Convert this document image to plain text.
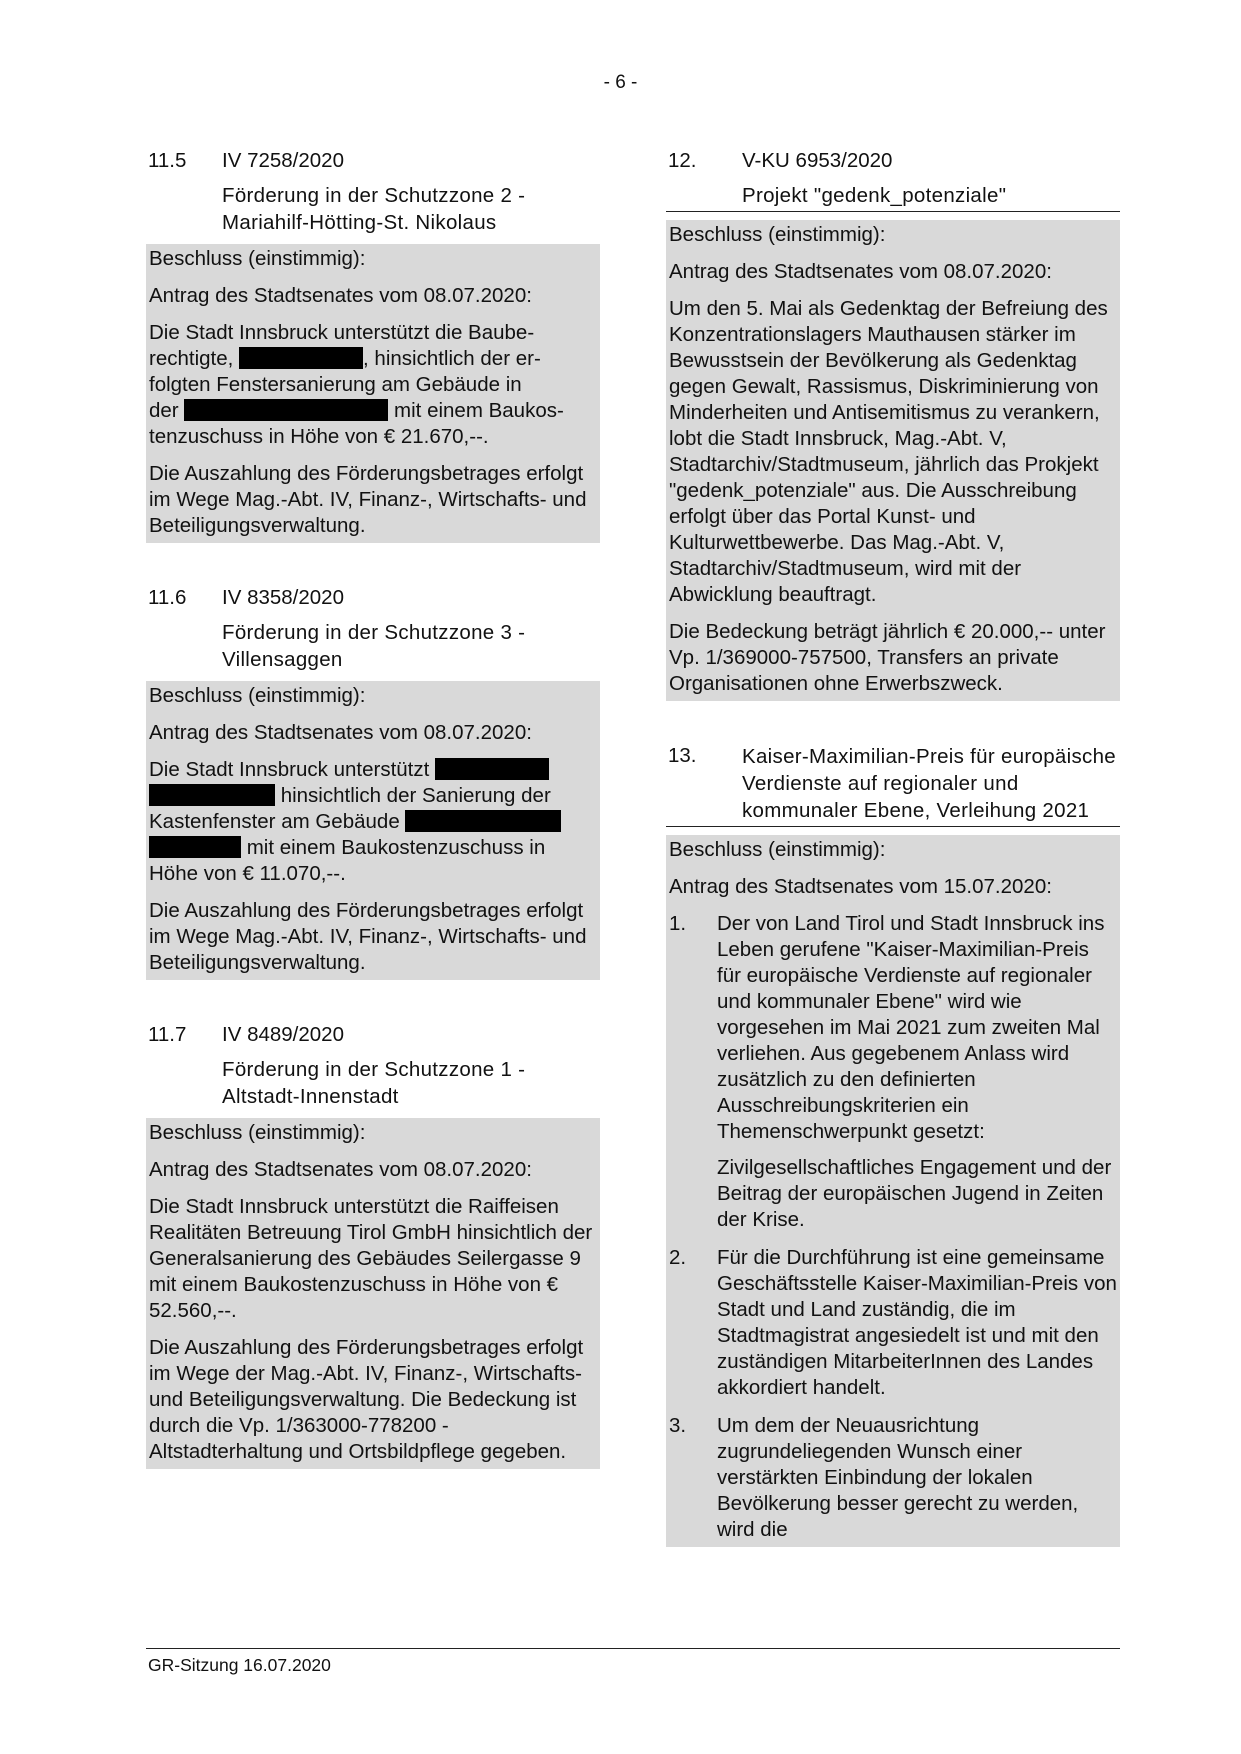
- 6 -
11.5	IV 7258/2020
Förderung in der Schutzzone 2 -
Mariahilf-Hötting-St. Nikolaus

Beschluss (einstimmig):

Antrag des Stadtsenates vom 08.07.2020:

Die Stadt Innsbruck unterstützt die Baube-
rechtigte,	, hinsichtlich der er-
folgten Fenstersanierung am Gebäude in
der	mit einem Baukos-
tenzuschuss in Höhe von € 21.670,--.

Die Auszahlung des Förderungsbetrages erfolgt im Wege Mag.-Abt. IV, Finanz-, Wirtschafts- und Beteiligungsverwaltung.

11.6	IV 8358/2020
Förderung in der Schutzzone 3 -
Villensaggen

Beschluss (einstimmig):

Antrag des Stadtsenates vom 08.07.2020:

Die Stadt Innsbruck unterstützt
hinsichtlich der Sanierung der
Kastenfenster am Gebäude
mit einem Baukostenzuschuss in
Höhe von € 11.070,--.

Die Auszahlung des Förderungsbetrages erfolgt im Wege Mag.-Abt. IV, Finanz-, Wirtschafts- und Beteiligungsverwaltung.

11.7	IV 8489/2020
Förderung in der Schutzzone 1 -
Altstadt-Innenstadt

Beschluss (einstimmig):

Antrag des Stadtsenates vom 08.07.2020:

Die Stadt Innsbruck unterstützt die Raiffeisen Realitäten Betreuung Tirol GmbH hinsichtlich der Generalsanierung des Gebäudes Seilergasse 9 mit einem Baukostenzuschuss in Höhe von € 52.560,--.

Die Auszahlung des Förderungsbetrages erfolgt im Wege der Mag.-Abt. IV, Finanz-, Wirtschafts- und Beteiligungsverwaltung. Die Bedeckung ist durch die Vp. 1/363000-778200 - Altstadterhaltung und Ortsbildpflege gegeben.

12.	V-KU 6953/2020
Projekt "gedenk_potenziale"

Beschluss (einstimmig):

Antrag des Stadtsenates vom 08.07.2020:

Um den 5. Mai als Gedenktag der Befreiung des Konzentrationslagers Mauthausen stärker im Bewusstsein der Bevölkerung als Gedenktag gegen Gewalt, Rassismus, Diskriminierung von Minderheiten und Antisemitismus zu verankern, lobt die Stadt Innsbruck, Mag.-Abt. V, Stadtarchiv/Stadtmuseum, jährlich das Prokjekt "gedenk_potenziale" aus. Die Ausschreibung erfolgt über das Portal Kunst- und Kulturwettbewerbe. Das Mag.-Abt. V, Stadtarchiv/Stadtmuseum, wird mit der Abwicklung beauftragt.

Die Bedeckung beträgt jährlich € 20.000,-- unter Vp. 1/369000-757500, Transfers an private Organisationen ohne Erwerbszweck.

13.	Kaiser-Maximilian-Preis für europäische Verdienste auf regionaler und kommunaler Ebene, Verleihung 2021

Beschluss (einstimmig):

Antrag des Stadtsenates vom 15.07.2020:

1.	Der von Land Tirol und Stadt Innsbruck ins Leben gerufene "Kaiser-Maximilian-Preis für europäische Verdienste auf regionaler und kommunaler Ebene" wird wie vorgesehen im Mai 2021 zum zweiten Mal verliehen. Aus gegebenem Anlass wird zusätzlich zu den definierten Ausschreibungskriterien ein Themenschwerpunkt gesetzt:

Zivilgesellschaftliches Engagement und der Beitrag der europäischen Jugend in Zeiten der Krise.

2.	Für die Durchführung ist eine gemeinsame Geschäftsstelle Kaiser-Maximilian-Preis von Stadt und Land zuständig, die im Stadtmagistrat angesiedelt ist und mit den zuständigen MitarbeiterInnen des Landes akkordiert handelt.

3.	Um dem der Neuausrichtung zugrundeliegenden Wunsch einer verstärkten Einbindung der lokalen Bevölkerung besser gerecht zu werden, wird die

GR-Sitzung 16.07.2020
